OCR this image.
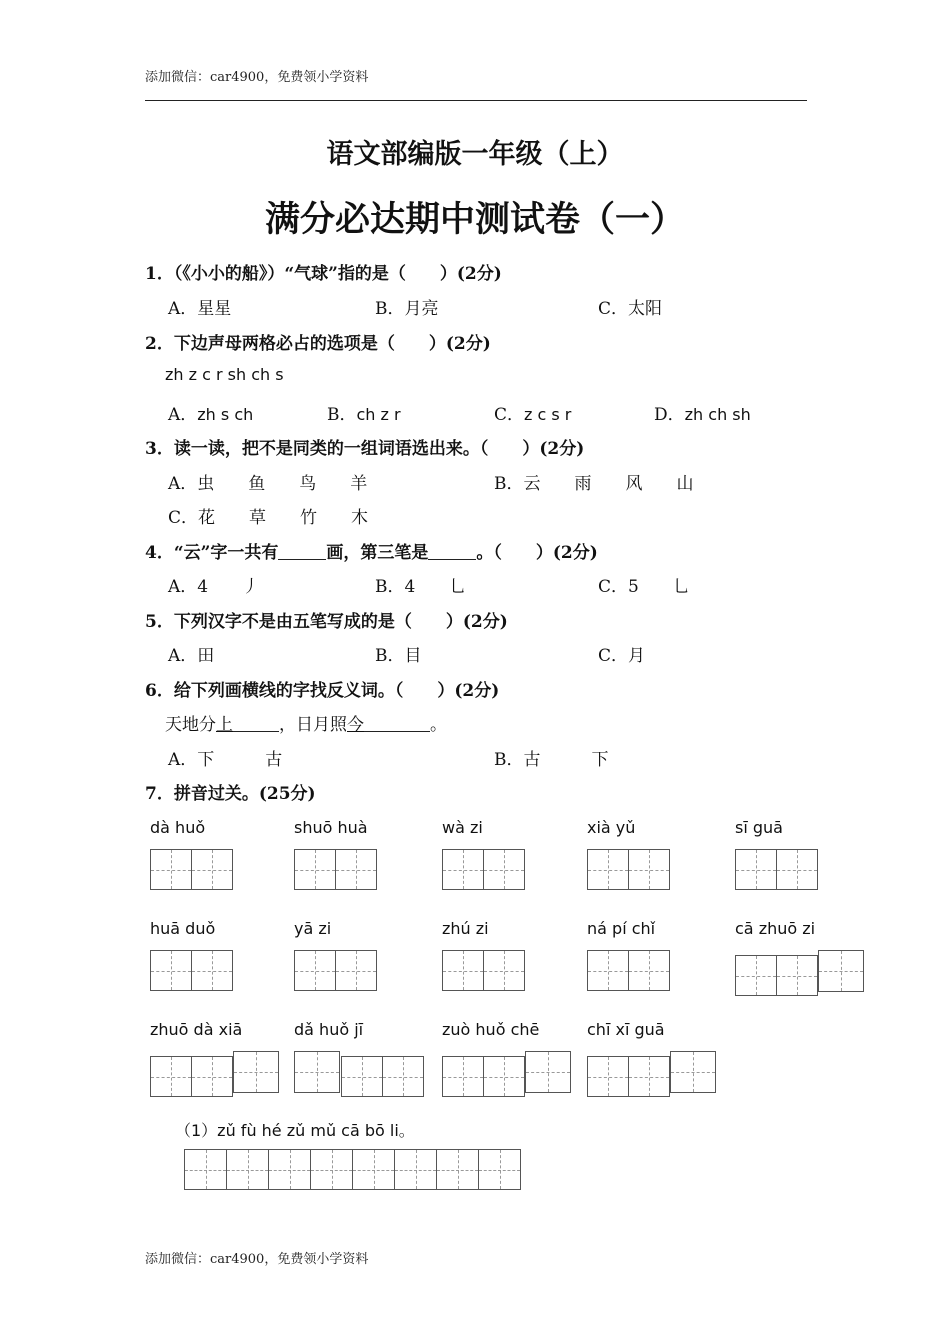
添加微信：car4900，免费领小学资料
语文部编版一年级（上）
满分必达期中测试卷（一）
1．（《小小的船》）“气球”指的是（　　）(2分)
A．星星	B．月亮	C．太阳
2．下边声母两格必占的选项是（　　）(2分)
zh z c r sh ch s
A．zh s ch	B．ch z r	C．z c s r	D．zh ch sh
3．读一读，把不是同类的一组词语选出来。（　　）(2分)
A．虫　　鱼　　鸟　　羊	B．云　　雨　　风　　山
C．花　　草　　竹　　木
4．“云”字一共有	画，第三笔是	。（　　）(2分)
A．4　　丿	B．4　　乚	C．5　　乚
5．下列汉字不是由五笔写成的是（　　）(2分)
A．田	B．目	C．月
6．给下列画横线的字找反义词。（　　）(2分)
天地分上	，日月照今	。
A．下　　　古	B．古　　　下
7．拼音过关。(25分)
dà huǒ	shuō huà	wà zi	xià yǔ	sī guā
huā duǒ	yā zi	zhú zi	ná pí chǐ	cā zhuō zi
zhuō dà xiā	dǎ huǒ jī	zuò huǒ chē	chī xī guā
（1）zǔ fù hé zǔ mǔ cā bō li。
添加微信：car4900，免费领小学资料
